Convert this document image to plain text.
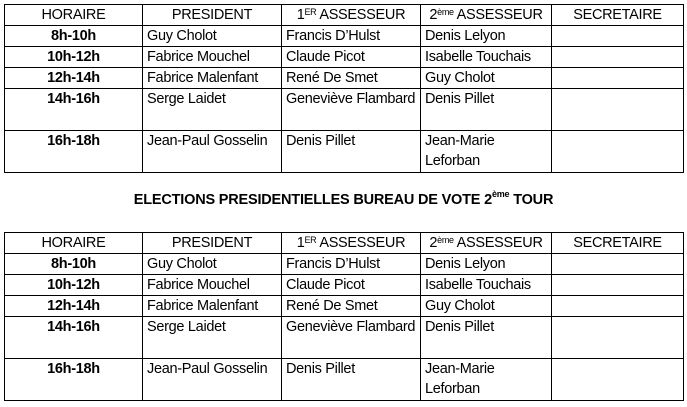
HORAIRE	PRESIDENT	1ER ASSESSEUR	2ème ASSESSEUR	SECRETAIRE
8h-10h	Guy Cholot	Francis D’Hulst	Denis Lelyon	
10h-12h	Fabrice Mouchel	Claude Picot	Isabelle Touchais	
12h-14h	Fabrice Malenfant	René De Smet	Guy Cholot	
14h-16h	Serge Laidet	Geneviève Flambard	Denis Pillet	
16h-18h	Jean-Paul Gosselin	Denis Pillet	Jean-Marie Leforban	
ELECTIONS PRESIDENTIELLES BUREAU DE VOTE 2ème TOUR
HORAIRE	PRESIDENT	1ER ASSESSEUR	2ème ASSESSEUR	SECRETAIRE
8h-10h	Guy Cholot	Francis D’Hulst	Denis Lelyon	
10h-12h	Fabrice Mouchel	Claude Picot	Isabelle Touchais	
12h-14h	Fabrice Malenfant	René De Smet	Guy Cholot	
14h-16h	Serge Laidet	Geneviève Flambard	Denis Pillet	
16h-18h	Jean-Paul Gosselin	Denis Pillet	Jean-Marie Leforban	
